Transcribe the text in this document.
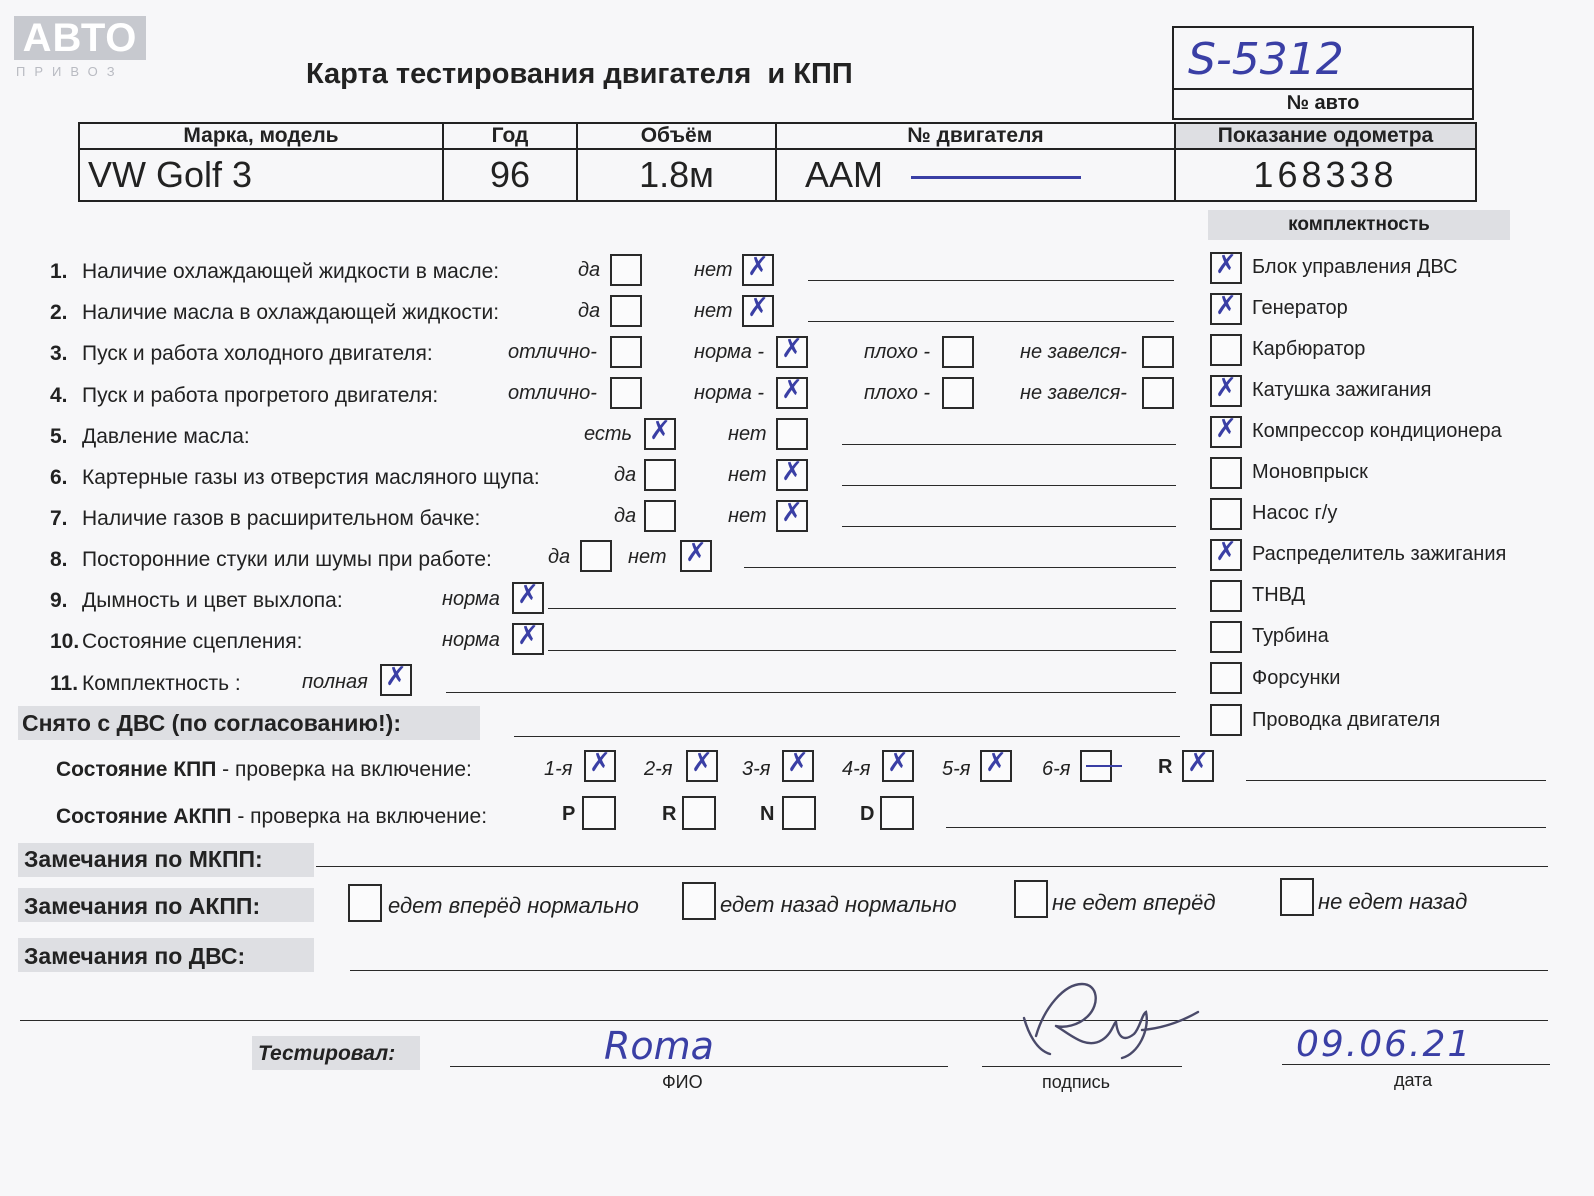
АВТО
ПРИВОЗ	Карта тестирования двигателя  и КПП	S-5312
№ авто
Марка, модель	Год	Объём	№ двигателя	Показание одометра
VW Golf 3	96	1.8м	AAM	168338
комплектность
1. Наличие охлаждающей жидкости в масле:	да	нет ✗
2. Наличие масла в охлаждающей жидкости:	да	нет ✗
3. Пуск и работа холодного двигателя:	отлично-	норма - ✗	плохо -	не завелся-
4. Пуск и работа прогретого двигателя:	отлично-	норма - ✗	плохо -	не завелся-
5. Давление масла:	есть ✗	нет
6. Картерные газы из отверстия масляного щупа:	да	нет ✗
7. Наличие газов в расширительном бачке:	да	нет ✗
8. Посторонние стуки или шумы при работе:	да	нет ✗
9. Дымность и цвет выхлопа:	норма ✗
10. Состояние сцепления:	норма ✗
11. Комплектность :	полная ✗
✗ Блок управления ДВС
✗ Генератор
Карбюратор
✗ Катушка зажигания
✗ Компрессор кондиционера
Моновпрыск
Насос г/у
✗ Распределитель зажигания
ТНВД
Турбина
Форсунки
Проводка двигателя
Снято с ДВС (по согласованию!):
Состояние КПП - проверка на включение:	1-я ✗ 2-я ✗ 3-я ✗ 4-я ✗ 5-я ✗ 6-я	R ✗
Состояние АКПП - проверка на включение:	P	R	N	D
Замечания по МКПП:
Замечания по АКПП:	едет вперёд нормально	едет назад нормально	не едет вперёд	не едет назад
Замечания по ДВС:
Тестировал:	Roma
ФИО	подпись
09.06.21
дата
